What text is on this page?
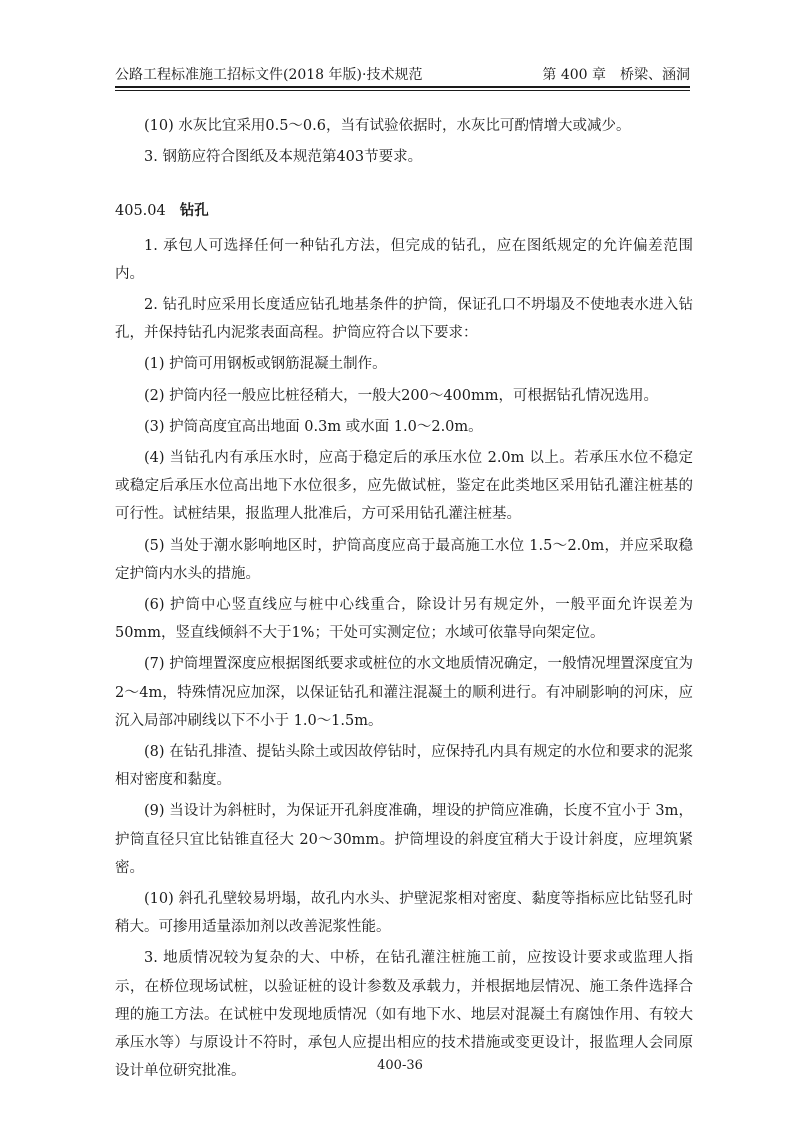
公路工程标准施工招标文件(2018 年版)·技术规范	第 400 章　桥梁、涵洞

(10) 水灰比宜采用0.5～0.6，当有试验依据时，水灰比可酌情增大或减少。

3. 钢筋应符合图纸及本规范第403节要求。

405.04 钻孔

1. 承包人可选择任何一种钻孔方法，但完成的钻孔，应在图纸规定的允许偏差范围内。

2. 钻孔时应采用长度适应钻孔地基条件的护筒，保证孔口不坍塌及不使地表水进入钻孔，并保持钻孔内泥浆表面高程。护筒应符合以下要求：

(1) 护筒可用钢板或钢筋混凝土制作。

(2) 护筒内径一般应比桩径稍大，一般大200～400mm，可根据钻孔情况选用。

(3) 护筒高度宜高出地面 0.3m 或水面 1.0～2.0m。

(4) 当钻孔内有承压水时，应高于稳定后的承压水位 2.0m 以上。若承压水位不稳定或稳定后承压水位高出地下水位很多，应先做试桩，鉴定在此类地区采用钻孔灌注桩基的可行性。试桩结果，报监理人批准后，方可采用钻孔灌注桩基。

(5) 当处于潮水影响地区时，护筒高度应高于最高施工水位 1.5～2.0m，并应采取稳定护筒内水头的措施。

(6) 护筒中心竖直线应与桩中心线重合，除设计另有规定外，一般平面允许误差为50mm，竖直线倾斜不大于1%；干处可实测定位；水域可依靠导向架定位。

(7) 护筒埋置深度应根据图纸要求或桩位的水文地质情况确定，一般情况埋置深度宜为 2～4m，特殊情况应加深，以保证钻孔和灌注混凝土的顺利进行。有冲刷影响的河床，应沉入局部冲刷线以下不小于 1.0～1.5m。

(8) 在钻孔排渣、提钻头除土或因故停钻时，应保持孔内具有规定的水位和要求的泥浆相对密度和黏度。

(9) 当设计为斜桩时，为保证开孔斜度准确，埋设的护筒应准确，长度不宜小于 3m，护筒直径只宜比钻锥直径大 20～30mm。护筒埋设的斜度宜稍大于设计斜度，应埋筑紧密。

(10) 斜孔孔壁较易坍塌，故孔内水头、护壁泥浆相对密度、黏度等指标应比钻竖孔时稍大。可掺用适量添加剂以改善泥浆性能。

3. 地质情况较为复杂的大、中桥，在钻孔灌注桩施工前，应按设计要求或监理人指示，在桥位现场试桩，以验证桩的设计参数及承载力，并根据地层情况、施工条件选择合理的施工方法。在试桩中发现地质情况（如有地下水、地层对混凝土有腐蚀作用、有较大承压水等）与原设计不符时，承包人应提出相应的技术措施或变更设计，报监理人会同原设计单位研究批准。	400-36
